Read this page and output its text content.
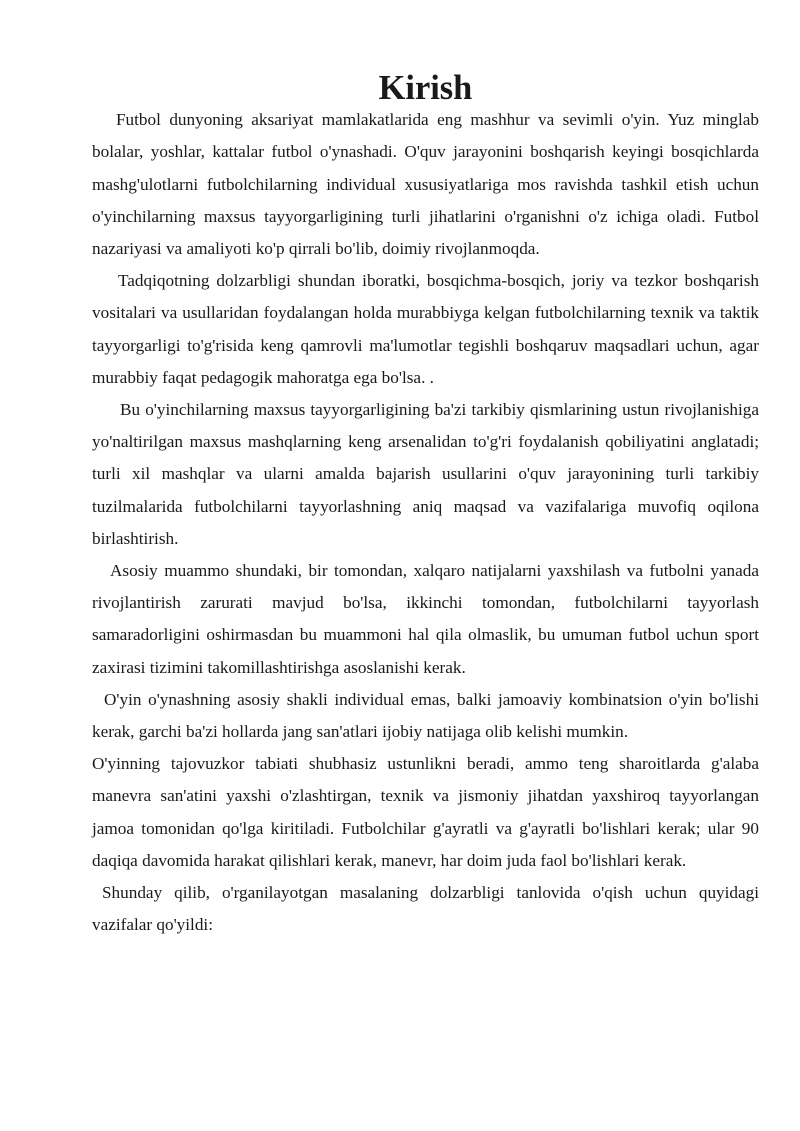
Kirish

Futbol dunyoning aksariyat mamlakatlarida eng mashhur va sevimli o'yin. Yuz minglab bolalar, yoshlar, kattalar futbol o'ynashadi. O'quv jarayonini boshqarish keyingi bosqichlarda mashg'ulotlarni futbolchilarning individual xususiyatlariga mos ravishda tashkil etish uchun o'yinchilarning maxsus tayyorgarligining turli jihatlarini o'rganishni o'z ichiga oladi. Futbol nazariyasi va amaliyoti ko'p qirrali bo'lib, doimiy rivojlanmoqda.

Tadqiqotning dolzarbligi shundan iboratki, bosqichma-bosqich, joriy va tezkor boshqarish vositalari va usullaridan foydalangan holda murabbiyga kelgan futbolchilarning texnik va taktik tayyorgarligi to'g'risida keng qamrovli ma'lumotlar tegishli boshqaruv maqsadlari uchun, agar murabbiy faqat pedagogik mahoratga ega bo'lsa. .

Bu o'yinchilarning maxsus tayyorgarligining ba'zi tarkibiy qismlarining ustun rivojlanishiga yo'naltirilgan maxsus mashqlarning keng arsenalidan to'g'ri foydalanish qobiliyatini anglatadi; turli xil mashqlar va ularni amalda bajarish usullarini o'quv jarayonining turli tarkibiy tuzilmalarida futbolchilarni tayyorlashning aniq maqsad va vazifalariga muvofiq oqilona birlashtirish.

Asosiy muammo shundaki, bir tomondan, xalqaro natijalarni yaxshilash va futbolni yanada rivojlantirish zarurati mavjud bo'lsa, ikkinchi tomondan, futbolchilarni tayyorlash samaradorligini oshirmasdan bu muammoni hal qila olmaslik, bu umuman futbol uchun sport zaxirasi tizimini takomillashtirishga asoslanishi kerak.

O'yin o'ynashning asosiy shakli individual emas, balki jamoaviy kombinatsion o'yin bo'lishi kerak, garchi ba'zi hollarda jang san'atlari ijobiy natijaga olib kelishi mumkin.

O'yinning tajovuzkor tabiati shubhasiz ustunlikni beradi, ammo teng sharoitlarda g'alaba manevra san'atini yaxshi o'zlashtirgan, texnik va jismoniy jihatdan yaxshiroq tayyorlangan jamoa tomonidan qo'lga kiritiladi. Futbolchilar g'ayratli va g'ayratli bo'lishlari kerak; ular 90 daqiqa davomida harakat qilishlari kerak, manevr, har doim juda faol bo'lishlari kerak.

Shunday qilib, o'rganilayotgan masalaning dolzarbligi tanlovida o'qish uchun quyidagi vazifalar qo'yildi:
